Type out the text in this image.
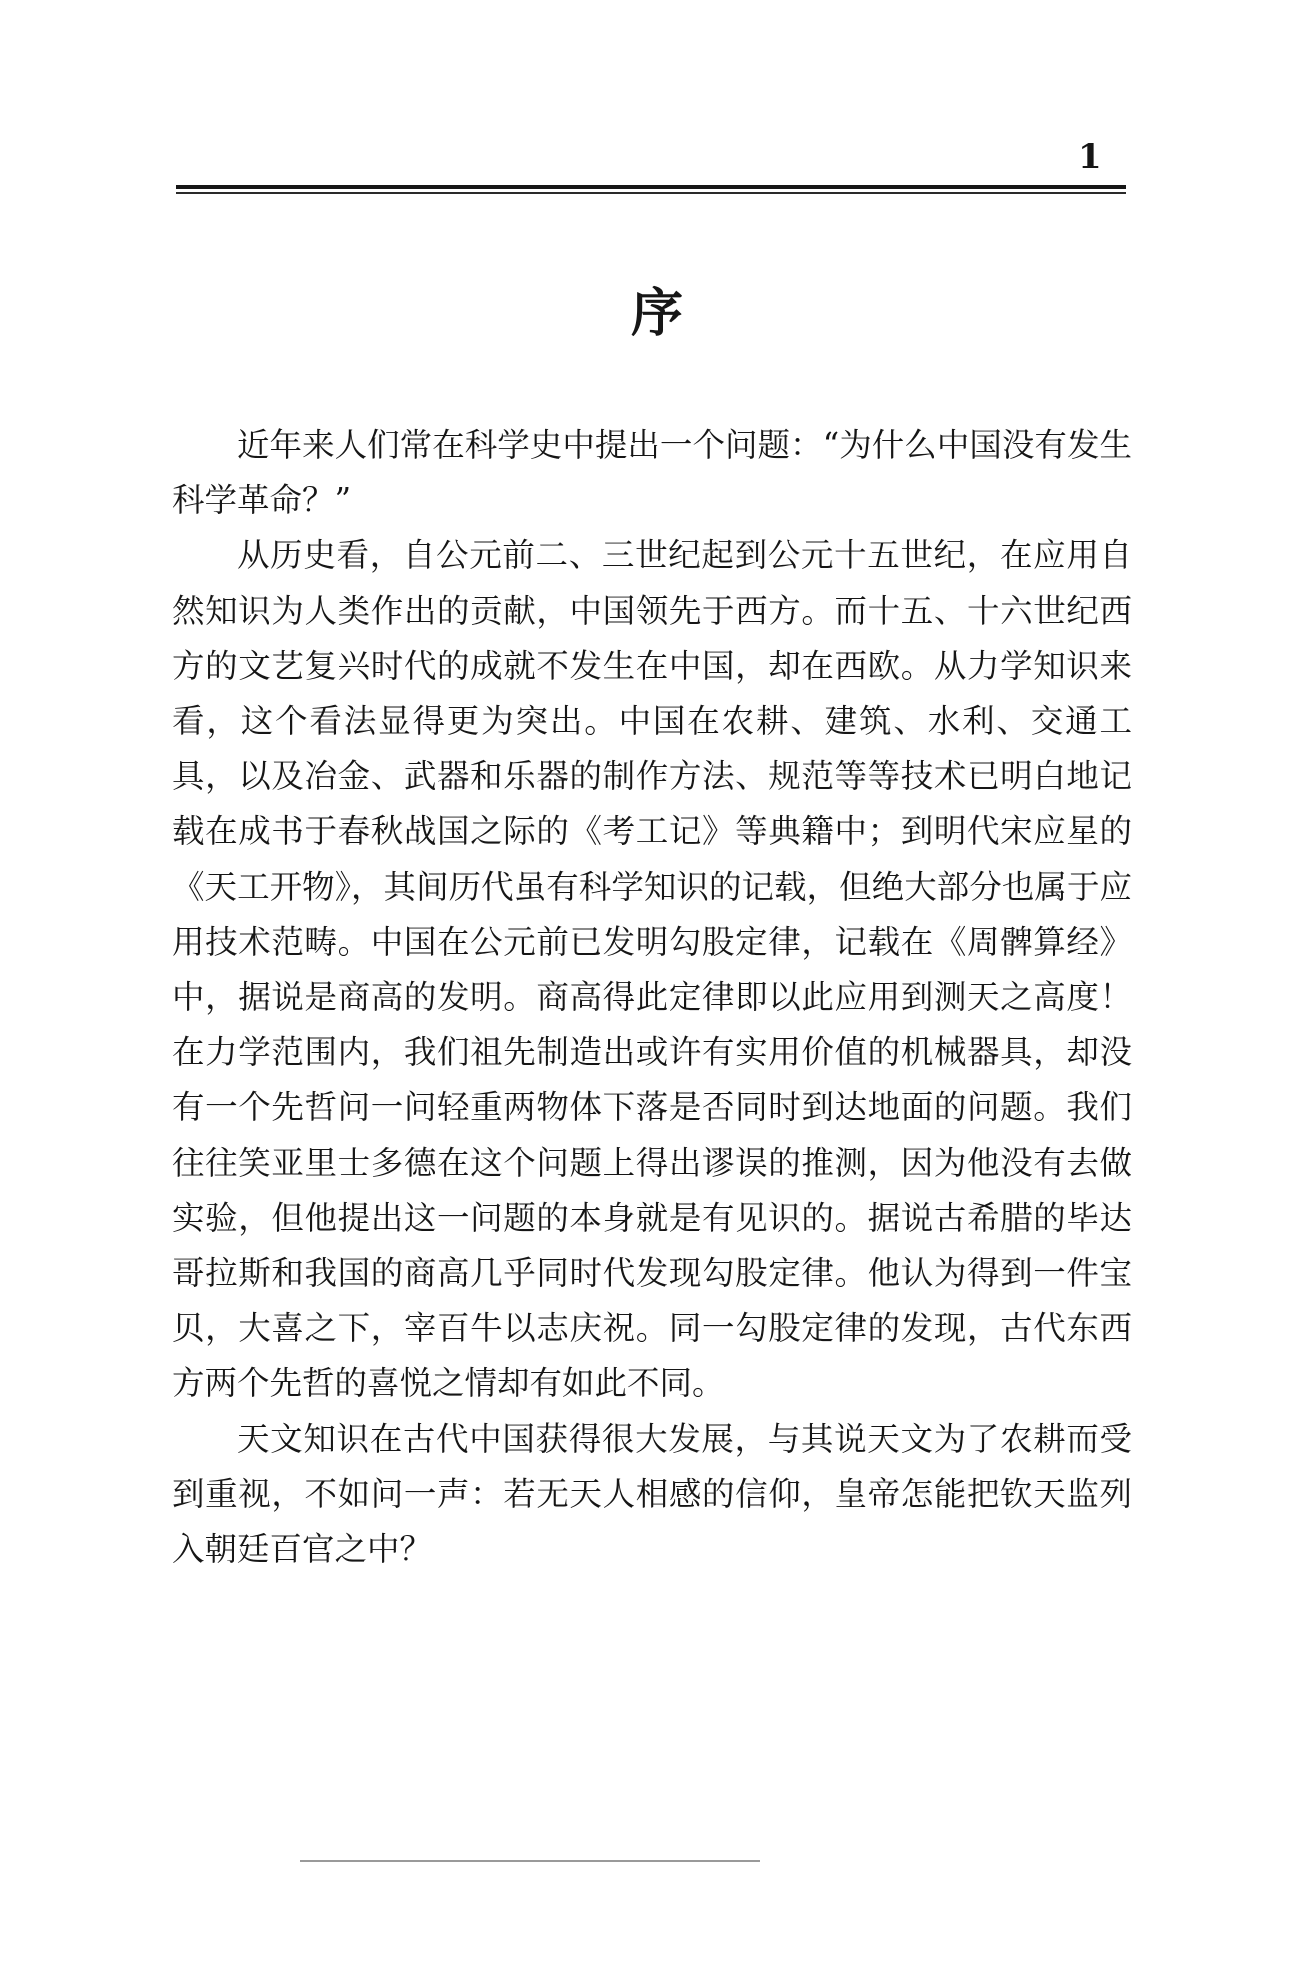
1
序

近年来人们常在科学史中提出一个问题：“为什么中国没有发生科学革命？”

从历史看，自公元前二、三世纪起到公元十五世纪，在应用自然知识为人类作出的贡献，中国领先于西方。而十五、十六世纪西方的文艺复兴时代的成就不发生在中国，却在西欧。从力学知识来看，这个看法显得更为突出。中国在农耕、建筑、水利、交通工具，以及冶金、武器和乐器的制作方法、规范等等技术已明白地记载在成书于春秋战国之际的《考工记》等典籍中；到明代宋应星的《天工开物》，其间历代虽有科学知识的记载，但绝大部分也属于应用技术范畴。中国在公元前已发明勾股定律，记载在《周髀算经》中，据说是商高的发明。商高得此定律即以此应用到测天之高度！在力学范围内，我们祖先制造出或许有实用价值的机械器具，却没有一个先哲问一问轻重两物体下落是否同时到达地面的问题。我们往往笑亚里士多德在这个问题上得出谬误的推测，因为他没有去做实验，但他提出这一问题的本身就是有见识的。据说古希腊的毕达哥拉斯和我国的商高几乎同时代发现勾股定律。他认为得到一件宝贝，大喜之下，宰百牛以志庆祝。同一勾股定律的发现，古代东西方两个先哲的喜悦之情却有如此不同。

天文知识在古代中国获得很大发展，与其说天文为了农耕而受到重视，不如问一声：若无天人相感的信仰，皇帝怎能把钦天监列入朝廷百官之中？
